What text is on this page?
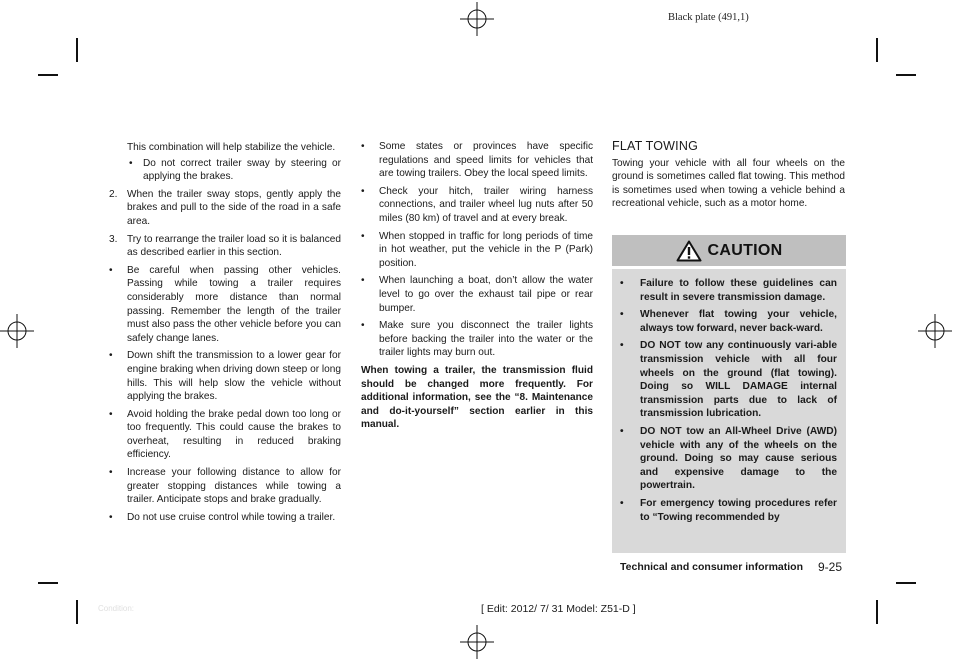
Black plate (491,1)

This combination will help stabilize the vehicle.

• Do not correct trailer sway by steering or applying the brakes.
2. When the trailer sway stops, gently apply the brakes and pull to the side of the road in a safe area.
3. Try to rearrange the trailer load so it is balanced as described earlier in this section.
• Be careful when passing other vehicles. Passing while towing a trailer requires considerably more distance than normal passing. Remember the length of the trailer must also pass the other vehicle before you can safely change lanes.
• Down shift the transmission to a lower gear for engine braking when driving down steep or long hills. This will help slow the vehicle without applying the brakes.
• Avoid holding the brake pedal down too long or too frequently. This could cause the brakes to overheat, resulting in reduced braking efficiency.
• Increase your following distance to allow for greater stopping distances while towing a trailer. Anticipate stops and brake gradually.
• Do not use cruise control while towing a trailer.
• Some states or provinces have specific regulations and speed limits for vehicles that are towing trailers. Obey the local speed limits.
• Check your hitch, trailer wiring harness connections, and trailer wheel lug nuts after 50 miles (80 km) of travel and at every break.
• When stopped in traffic for long periods of time in hot weather, put the vehicle in the P (Park) position.
• When launching a boat, don’t allow the water level to go over the exhaust tail pipe or rear bumper.
• Make sure you disconnect the trailer lights before backing the trailer into the water or the trailer lights may burn out.

When towing a trailer, the transmission fluid should be changed more frequently. For additional information, see the “8. Maintenance and do-it-yourself” section earlier in this manual.

FLAT TOWING

Towing your vehicle with all four wheels on the ground is sometimes called flat towing. This method is sometimes used when towing a vehicle behind a recreational vehicle, such as a motor home.

CAUTION
• Failure to follow these guidelines can result in severe transmission damage.
• Whenever flat towing your vehicle, always tow forward, never back-ward.
• DO NOT tow any continuously vari-able transmission vehicle with all four wheels on the ground (flat towing). Doing so WILL DAMAGE internal transmission parts due to lack of transmission lubrication.
• DO NOT tow an All-Wheel Drive (AWD) vehicle with any of the wheels on the ground. Doing so may cause serious and expensive damage to the powertrain.
• For emergency towing procedures refer to “Towing recommended by
Technical and consumer information 9-25
Condition:	[ Edit: 2012/ 7/ 31 Model: Z51-D ]
